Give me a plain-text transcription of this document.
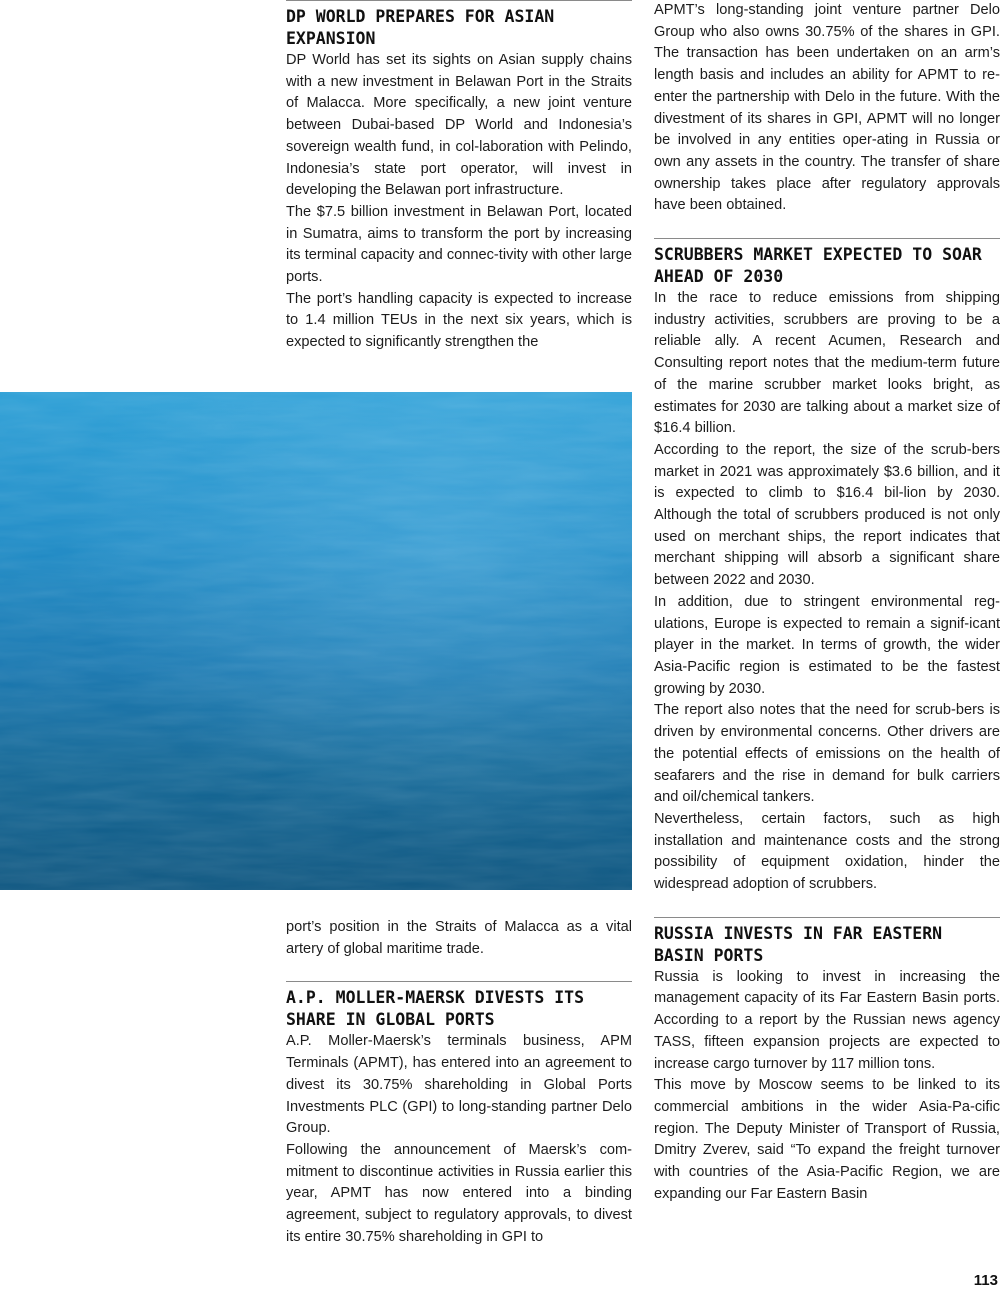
DP WORLD PREPARES FOR ASIAN EXPANSION

DP World has set its sights on Asian supply chains with a new investment in Belawan Port in the Straits of Malacca. More specifically, a new joint venture between Dubai-based DP World and Indonesia’s sovereign wealth fund, in col-laboration with Pelindo, Indonesia’s state port operator, will invest in developing the Belawan port infrastructure.

The $7.5 billion investment in Belawan Port, located in Sumatra, aims to transform the port by increasing its terminal capacity and connec-tivity with other large ports.

The port’s handling capacity is expected to increase to 1.4 million TEUs in the next six years, which is expected to significantly strengthen the

port’s position in the Straits of Malacca as a vital artery of global maritime trade.

A.P. MOLLER-MAERSK DIVESTS ITS SHARE IN GLOBAL PORTS

A.P. Moller-Maersk’s terminals business, APM Terminals (APMT), has entered into an agreement to divest its 30.75% shareholding in Global Ports Investments PLC (GPI) to long-standing partner Delo Group.

Following the announcement of Maersk’s com-mitment to discontinue activities in Russia earlier this year, APMT has now entered into a binding agreement, subject to regulatory approvals, to divest its entire 30.75% shareholding in GPI to

APMT’s long-standing joint venture partner Delo Group who also owns 30.75% of the shares in GPI. The transaction has been undertaken on an arm’s length basis and includes an ability for APMT to re-enter the partnership with Delo in the future. With the divestment of its shares in GPI, APMT will no longer be involved in any entities oper-ating in Russia or own any assets in the country. The transfer of share ownership takes place after regulatory approvals have been obtained.

SCRUBBERS MARKET EXPECTED TO SOAR AHEAD OF 2030

In the race to reduce emissions from shipping industry activities, scrubbers are proving to be a reliable ally. A recent Acumen, Research and Consulting report notes that the medium-term future of the marine scrubber market looks bright, as estimates for 2030 are talking about a market size of $16.4 billion.

According to the report, the size of the scrub-bers market in 2021 was approximately $3.6 billion, and it is expected to climb to $16.4 bil-lion by 2030. Although the total of scrubbers produced is not only used on merchant ships, the report indicates that merchant shipping will absorb a significant share between 2022 and 2030.

In addition, due to stringent environmental reg-ulations, Europe is expected to remain a signif-icant player in the market. In terms of growth, the wider Asia-Pacific region is estimated to be the fastest growing by 2030.

The report also notes that the need for scrub-bers is driven by environmental concerns. Other drivers are the potential effects of emissions on the health of seafarers and the rise in demand for bulk carriers and oil/chemical tankers.

Nevertheless, certain factors, such as high installation and maintenance costs and the strong possibility of equipment oxidation, hinder the widespread adoption of scrubbers.

RUSSIA INVESTS IN FAR EASTERN BASIN PORTS

Russia is looking to invest in increasing the management capacity of its Far Eastern Basin ports. According to a report by the Russian news agency TASS, fifteen expansion projects are expected to increase cargo turnover by 117 million tons.

This move by Moscow seems to be linked to its commercial ambitions in the wider Asia-Pa-cific region. The Deputy Minister of Transport of Russia, Dmitry Zverev, said “To expand the freight turnover with countries of the Asia-Pacific Region, we are expanding our Far Eastern Basin

113
